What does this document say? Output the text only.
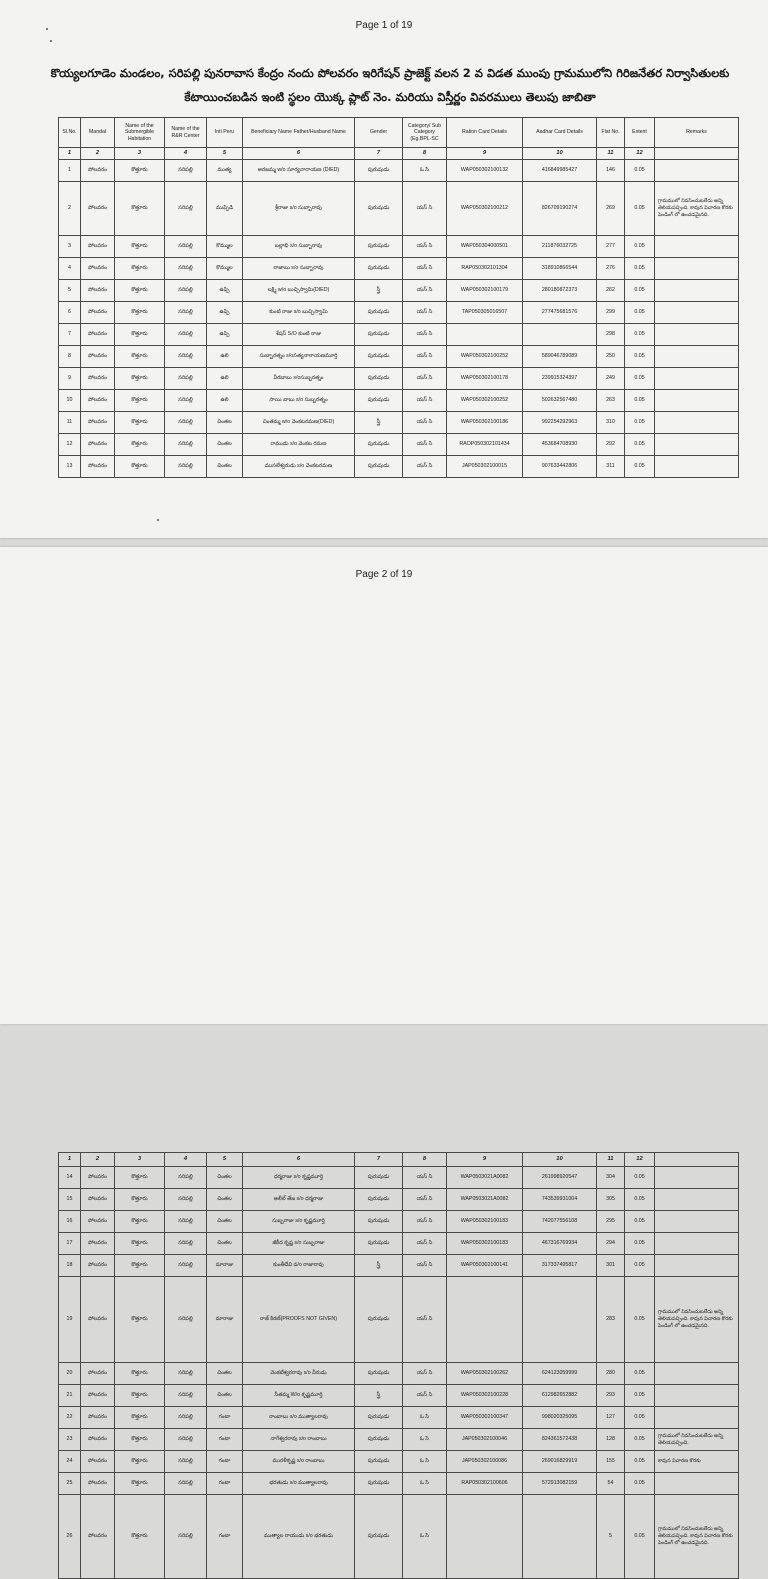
Page 1 of 19
కొయ్యలగూడెం మండలం, సరిపల్లి పునరావాస కేంద్రం నందు పోలవరం ఇరిగేషన్ ప్రాజెక్ట్ వలన 2 వ విడత ముంపు గ్రామములోని గిరిజనేతర నిర్వాసితులకు
కేటాయించబడిన ఇంటి స్థలం యొక్క ప్లాట్ నెం. మరియు విస్తీర్ణం వివరములు తెలుపు జాబితా
Sl.No.	Mandal	Name of the Submergible Habitation	Name of the R&R Center	Inti Peru	Beneficiary Name Father/Husband Name	Gender	Category/ Sub Category (Eg.BPL-SC	Ration Card Details	Aadhar Card Details	Flat No.	Extent	Remarks
1	2	3	4	5	6	7	8	9	10	11	12	
1	పోలవరం	కొత్తూరు	సరిపల్లి	ముత్య	అరజమ్మ w/o సూర్యనారాయణ (DIED)	పురుషుడు	ఓ సి	WAP050302100132	416849985427	146	0.05	
2	పోలవరం	కొత్తూరు	సరిపల్లి	ముప్పిడి	శ్రీరాజు s/o సుబ్బారావు	పురుషుడు	యస్ సి	WAP050302100212	826709190274	269	0.05	గ్రామములో నివసించుటలేదు అన్ని తెలియపచ్చింది. కావున విచారణ కొరకు పెండింగ్ లో ఉంచడమైనది.
3	పోలవరం	కొత్తూరు	సరిపల్లి	కొమ్ముల	బల్లాభి s/o సుబ్బారావు	పురుషుడు	యస్ సి	WAP050304000501	211876032725	277	0.05	
4	పోలవరం	కొత్తూరు	సరిపల్లి	కొమ్ముల	రాజాబు s/o సుబ్బారావు	పురుషుడు	యస్ సి	RAP050302101304	318910866544	276	0.05	
5	పోలవరం	కొత్తూరు	సరిపల్లి	ఉప్పి	లక్ష్మి w/o బుచ్చిస్వామి(DIED)	స్త్రీ	యస్ సి	WAP050302100179	280180872373	262	0.05	
6	పోలవరం	కొత్తూరు	సరిపల్లి	ఉప్పి	కుంటి రాజు s/o బుచ్చిస్వామి	పురుషుడు	యస్ సి	TAP050305016507	277475681576	299	0.05	
7	పోలవరం	కొత్తూరు	సరిపల్లి	ఉప్పి	శేషస్ S/O కుంటి రాజు	పురుషుడు	యస్ సి			298	0.05	
8	పోలవరం	కొత్తూరు	సరిపల్లి	ఉలి	సుబ్బారత్నం s/oసత్యనారాయణమూర్తి	పురుషుడు	యస్ సి	WAP050302100252	589046789089	250	0.05	
9	పోలవరం	కొత్తూరు	సరిపల్లి	ఉలి	వీరబాబు s/oసుబ్బరత్నం	పురుషుడు	యస్ సి	WAP050302100178	239915324397	249	0.05	
10	పోలవరం	కొత్తూరు	సరిపల్లి	ఉలి	సాయి బాబు s/o సుబ్బరత్నం	పురుషుడు	యస్ సి	WAP050302100252	502632567480	263	0.05	
11	పోలవరం	కొత్తూరు	సరిపల్లి	చింతల	చింతమ్మ w/o వెంకటరమణ(DIED)	స్త్రీ	యస్ సి	WAP050302100186	992254292963	310	0.05	
12	పోలవరం	కొత్తూరు	సరిపల్లి	చింతల	రాముడు s/o వెంకట రమణ	పురుషుడు	యస్ సి	RAOP050302101434	453684708930	292	0.05	
13	పోలవరం	కొత్తూరు	సరిపల్లి	చింతల	ముసలేశ్వరుడు s/o వెంకటరమణ	పురుషుడు	యస్ సి	JAP050302100015	907633442806	311	0.05	
Page 2 of 19
1	2	3	4	5	6	7	8	9	10	11	12	
14	పోలవరం	కొత్తూరు	సరిపల్లి	చింతల	ధర్మరాజు s/o కృష్ణమూర్తి	పురుషుడు	యస్ సి	WAP0503021A0082	261998920547	304	0.05	
15	పోలవరం	కొత్తూరు	సరిపల్లి	చింతల	అలీల్ తేజ s/o ధర్మరాజు	పురుషుడు	యస్ సి	WAP0503021A0082	743539931004	305	0.05	
16	పోలవరం	కొత్తూరు	సరిపల్లి	చింతల	సుబ్బరాజు s/o కృష్ణమూర్తి	పురుషుడు	యస్ సి	WAP050302100183	742077556108	295	0.05	
17	పోలవరం	కొత్తూరు	సరిపల్లి	చింతల	జీకీద కృష్ణ s/o సుబ్బరాజు	పురుషుడు	యస్ సి	WAP050302100183	467316769934	294	0.05	
18	పోలవరం	కొత్తూరు	సరిపల్లి	మారాజు	కుంతీదేవి వ/o రాజారావు	స్త్రీ	యస్ సి	WAP050302100141	317337495817	301	0.05	
19	పోలవరం	కొత్తూరు	సరిపల్లి	మారాజు	రాజ్ కిరణ్(PROOFS NOT GIVEN)	పురుషుడు	యస్ సి			283	0.05	గ్రామములో నివసించుటలేదు అన్ని తెలియపచ్చింది. కావున విచారణ కొరకు పెండింగ్ లో ఉంచడమైనది.
20	పోలవరం	కొత్తూరు	సరిపల్లి	చింతల	వెంకటేశ్వరరావు s/o వీరుడు	పురుషుడు	యస్ సి	WAP050302100262	624123059999	280	0.05	
21	పోలవరం	కొత్తూరు	సరిపల్లి	చింతల	సీతమ్మ W/o కృష్ణమూర్తి	స్త్రీ	యస్ సి	WAP050302100228	612982652882	293	0.05	
22	పోలవరం	కొత్తూరు	సరిపల్లి	గంటా	రాంబాబు s/o ముత్యాలరావు	పురుషుడు	ఓ సి	WAP050302100347	998020325095	127	0.05	
23	పోలవరం	కొత్తూరు	సరిపల్లి	గంటా	నాగేశ్వరరావు s/o రాంబాబు	పురుషుడు	ఓ సి	JAP050302100046	824361572438	128	0.05	గ్రామములో నివసించుటలేదు అన్ని తెలియపచ్చింది.
24	పోలవరం	కొత్తూరు	సరిపల్లి	గంటా	మురళీకృష్ణ s/o రాంబాబు	పురుషుడు	ఓ సి	JAP050302100086	269016829919	155	0.05	కావున విచారణ కొరకు
25	పోలవరం	కొత్తూరు	సరిపల్లి	గంటా	భరతుడు s/o ముత్యాలరావు	పురుషుడు	ఓ సి	RAP050302100606	572913082159	54	0.05	
26	పోలవరం	కొత్తూరు	సరిపల్లి	గంటా	ముత్యాల రాయుడు s/o భరతుడు	పురుషుడు	ఓ సి			5	0.05	గ్రామములో నివసించుటలేదు అన్ని తెలియపచ్చింది. కావున విచారణ కొరకు పెండింగ్ లో ఉంచడమైనది.
